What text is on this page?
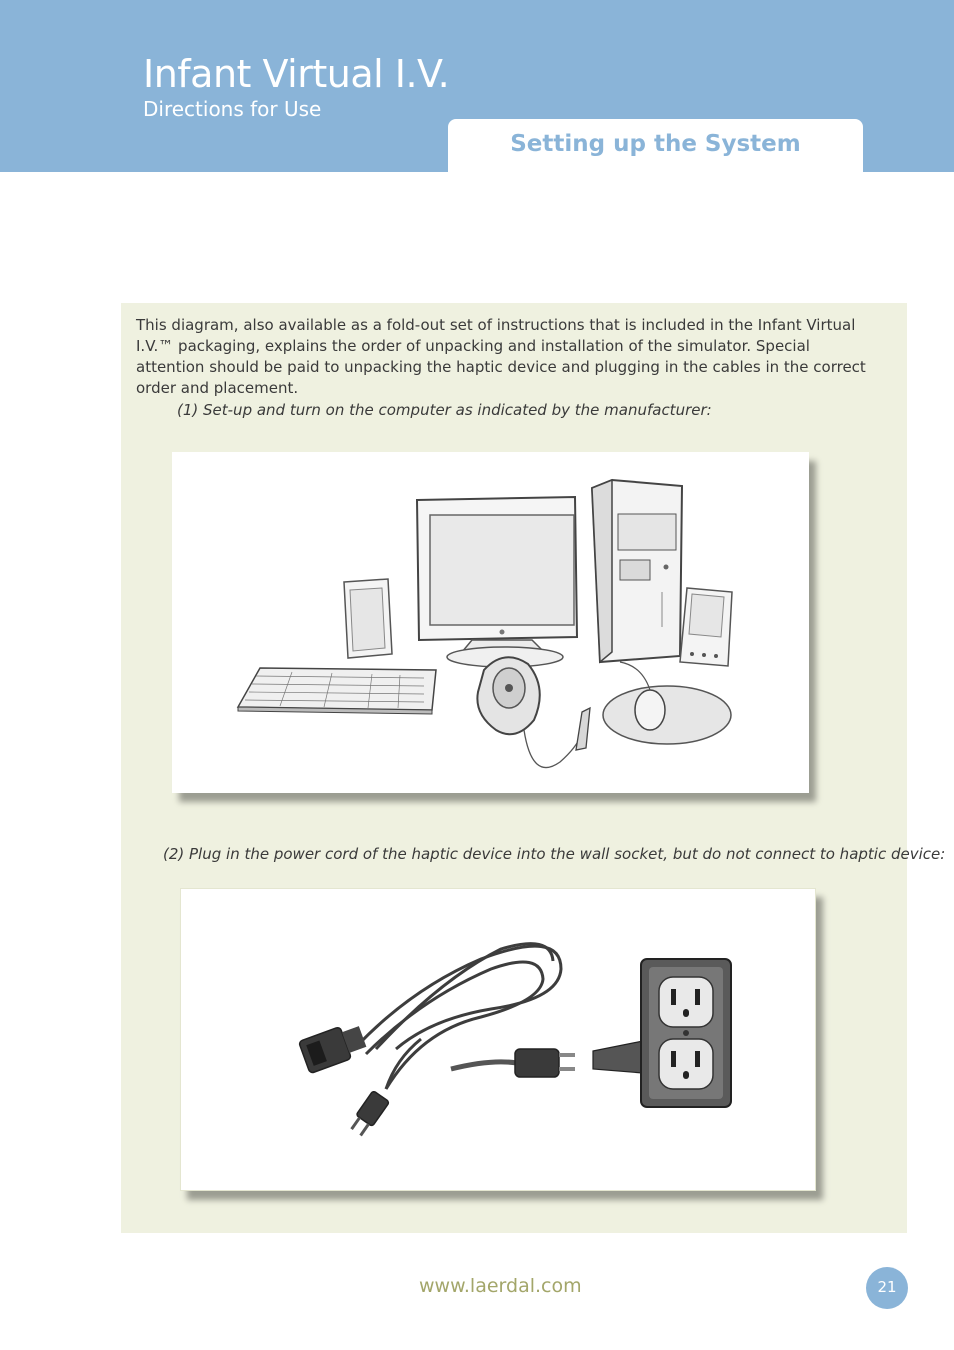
Infant Virtual I.V.
Directions for Use
Setting up the System

This diagram, also available as a fold-out set of instructions that is included in the Infant Virtual I.V.™ packaging, explains the order of unpacking and installation of the simulator. Special attention should be paid to unpacking the haptic device and plugging in the cables in the correct order and placement.

(1) Set-up and turn on the computer as indicated by the manufacturer:
(2) Plug in the power cord of the haptic device into the wall socket, but do not connect to haptic device:
www.laerdal.com	21
